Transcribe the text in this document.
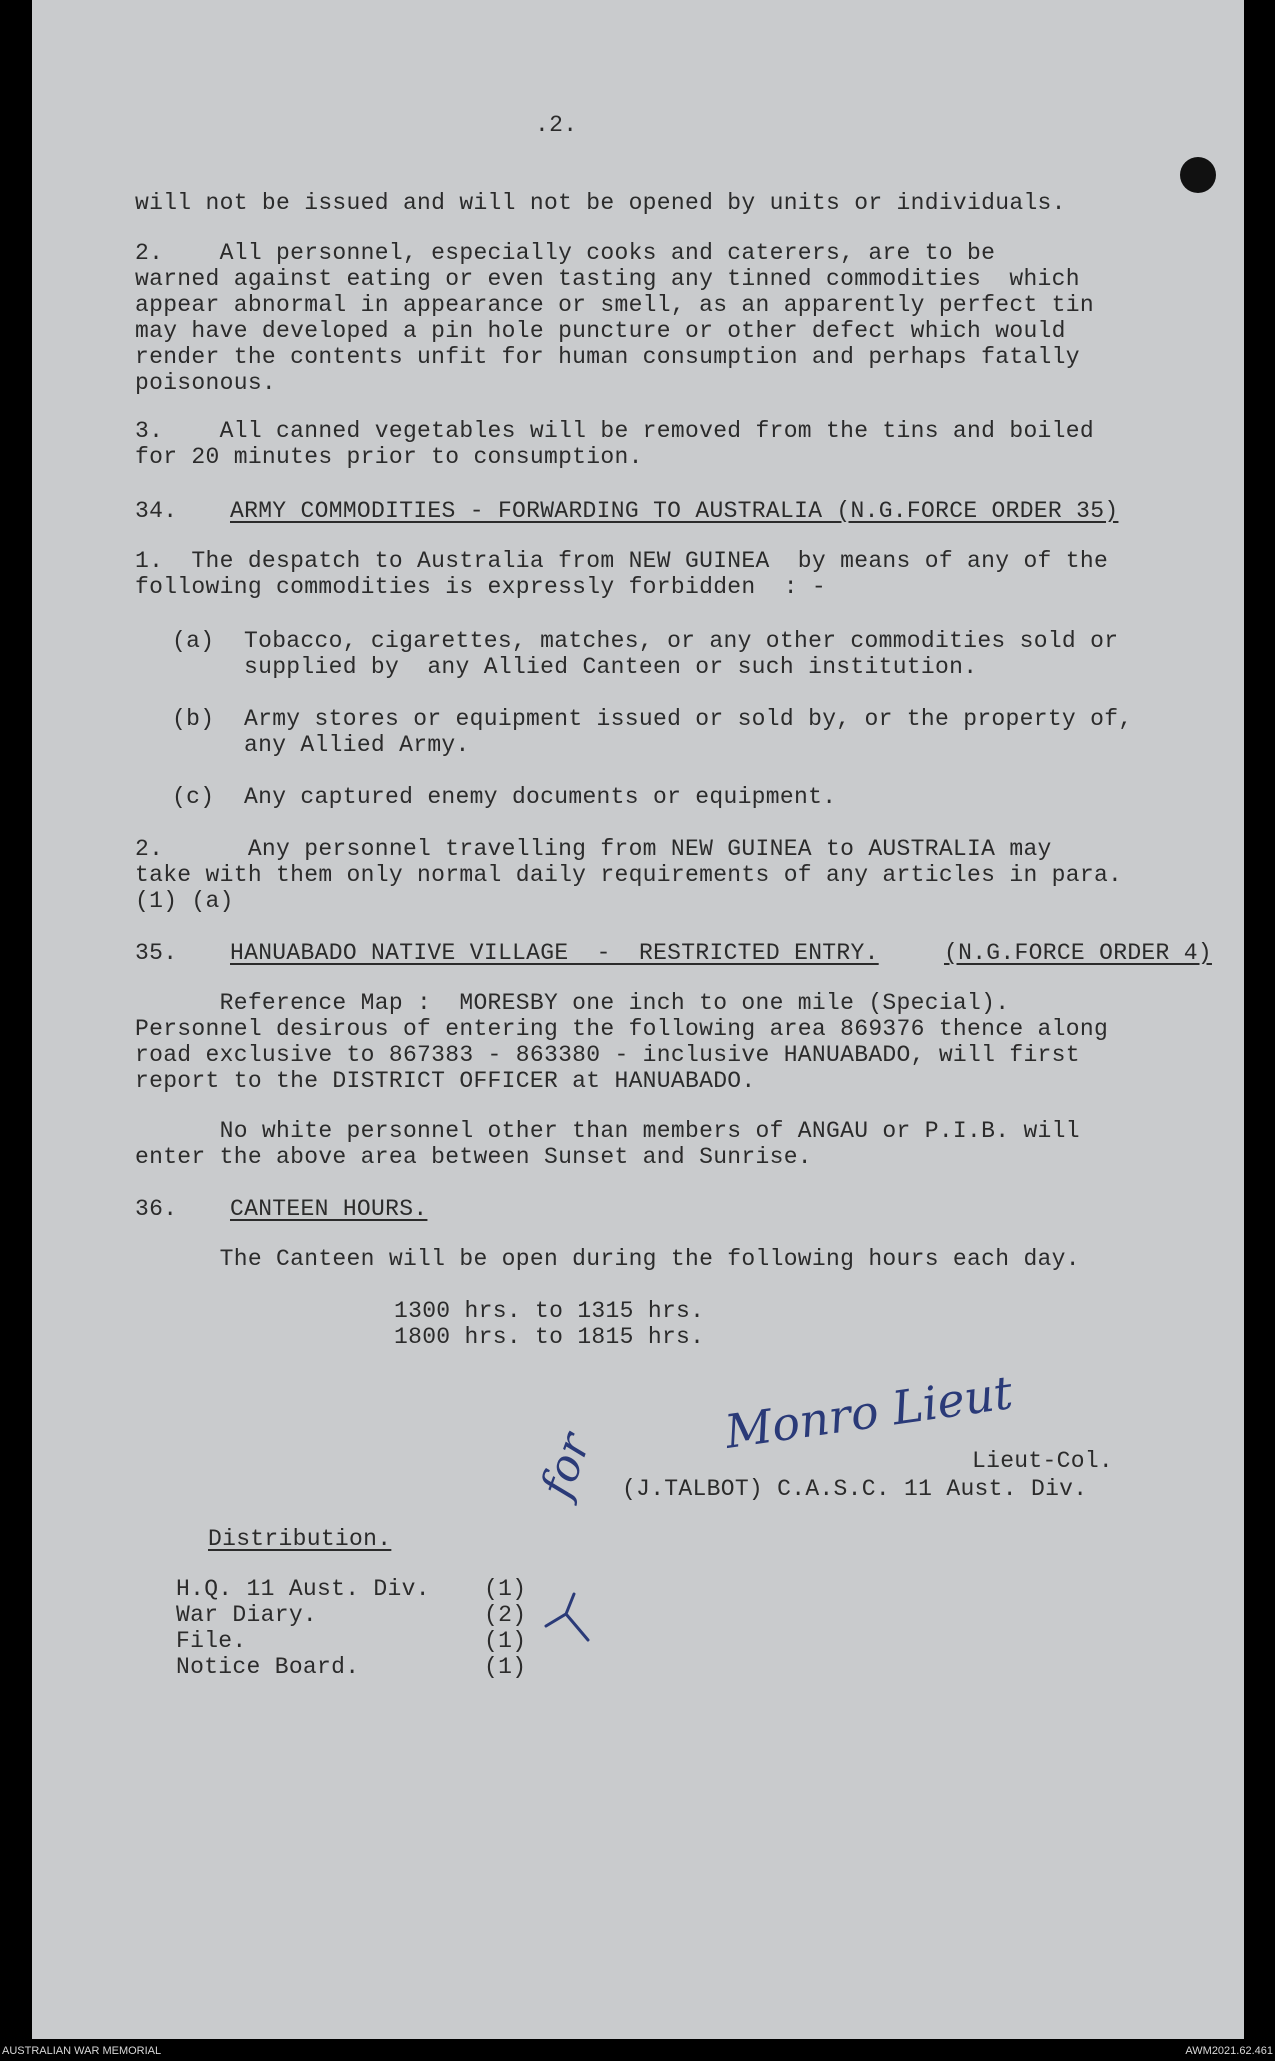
.2.
will not be issued and will not be opened by units or individuals.
2.    All personnel, especially cooks and caterers, are to be
warned against eating or even tasting any tinned commodities  which
appear abnormal in appearance or smell, as an apparently perfect tin
may have developed a pin hole puncture or other defect which would
render the contents unfit for human consumption and perhaps fatally
poisonous.
3.    All canned vegetables will be removed from the tins and boiled
for 20 minutes prior to consumption.
34. ARMY COMMODITIES - FORWARDING TO AUSTRALIA (N.G.FORCE ORDER 35)
1.  The despatch to Australia from NEW GUINEA  by means of any of the
following commodities is expressly forbidden  : -
(a) Tobacco, cigarettes, matches, or any other commodities sold or
supplied by  any Allied Canteen or such institution.
(b) Army stores or equipment issued or sold by, or the property of,
any Allied Army.
(c) Any captured enemy documents or equipment.
2.      Any personnel travelling from NEW GUINEA to AUSTRALIA may
take with them only normal daily requirements of any articles in para.
(1) (a)
35. HANUABADO NATIVE VILLAGE  -  RESTRICTED ENTRY.	(N.G.FORCE ORDER 4)
Reference Map :  MORESBY one inch to one mile (Special).
Personnel desirous of entering the following area 869376 thence along
road exclusive to 867383 - 863380 - inclusive HANUABADO, will first
report to the DISTRICT OFFICER at HANUABADO.
No white personnel other than members of ANGAU or P.I.B. will
enter the above area between Sunset and Sunrise.
36. CANTEEN HOURS.
The Canteen will be open during the following hours each day.
1300 hrs. to 1315 hrs.
1800 hrs. to 1815 hrs.
for
Monro Lieut
Lieut-Col.
(J.TALBOT) C.A.S.C. 11 Aust. Div.
Distribution.
H.Q. 11 Aust. Div. (1)
War Diary.	(2)
File.	(1)
Notice Board.	(1)
AUSTRALIAN WAR MEMORIAL	AWM2021.62.461
